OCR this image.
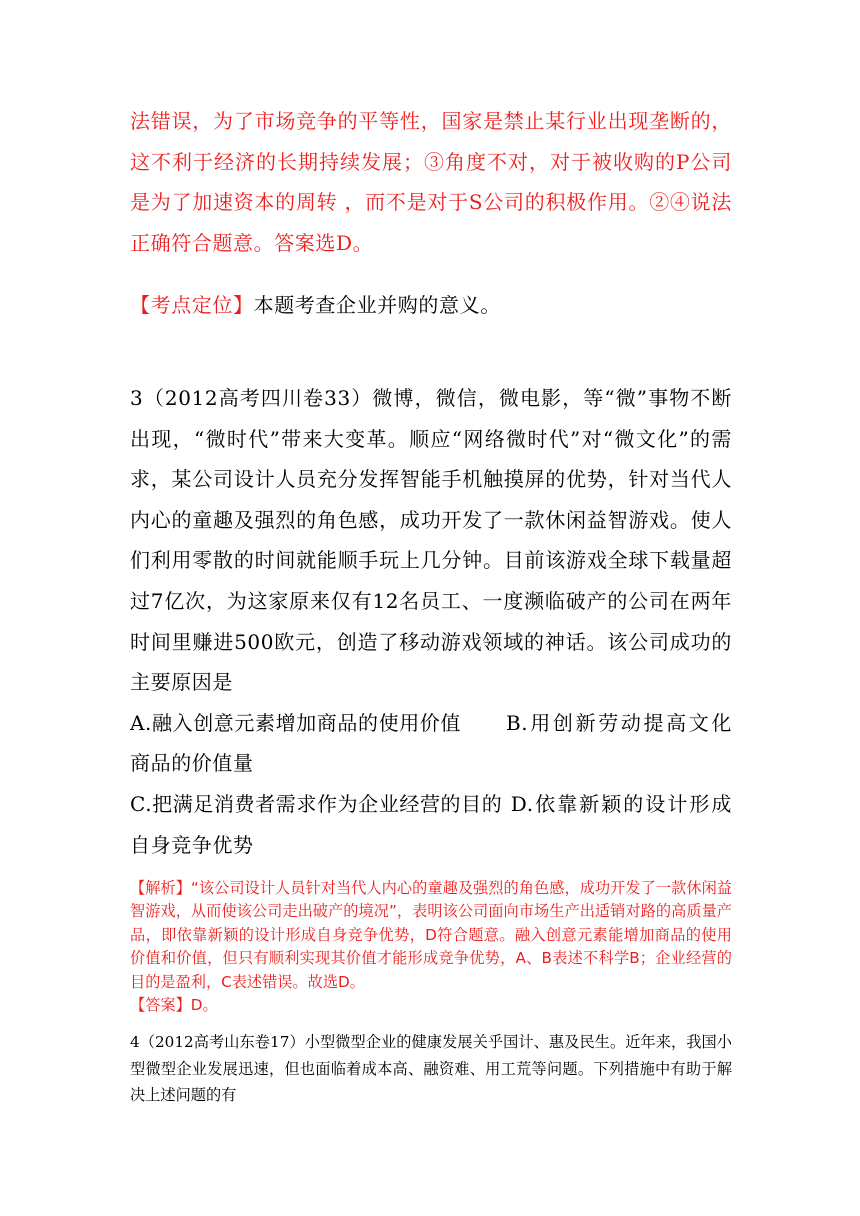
法错误，为了市场竞争的平等性，国家是禁止某行业出现垄断的，这不利于经济的长期持续发展；③角度不对，对于被收购的P公司是为了加速资本的周转 ，而不是对于S公司的积极作用。②④说法正确符合题意。答案选D。

【考点定位】本题考查企业并购的意义。

3（2012高考四川卷33）微博，微信，微电影，等“微”事物不断出现，“微时代”带来大变革。顺应“网络微时代”对“微文化”的需求，某公司设计人员充分发挥智能手机触摸屏的优势，针对当代人内心的童趣及强烈的角色感，成功开发了一款休闲益智游戏。使人们利用零散的时间就能顺手玩上几分钟。目前该游戏全球下载量超过7亿次，为这家原来仅有12名员工、一度濒临破产的公司在两年时间里赚进500欧元，创造了移动游戏领域的神话。该公司成功的主要原因是
A.融入创意元素增加商品的使用价值 B.用创新劳动提高文化商品的价值量
C.把满足消费者需求作为企业经营的目的 D.依靠新颖的设计形成自身竞争优势

【解析】“该公司设计人员针对当代人内心的童趣及强烈的角色感，成功开发了一款休闲益智游戏，从而使该公司走出破产的境况”，表明该公司面向市场生产出适销对路的高质量产品，即依靠新颖的设计形成自身竞争优势，D符合题意。融入创意元素能增加商品的使用价值和价值，但只有顺利实现其价值才能形成竞争优势，A、B表述不科学B；企业经营的目的是盈利，C表述错误。故选D。

【答案】D。

4（2012高考山东卷17）小型微型企业的健康发展关乎国计、惠及民生。近年来，我国小型微型企业发展迅速，但也面临着成本高、融资难、用工荒等问题。下列措施中有助于解决上述问题的有
